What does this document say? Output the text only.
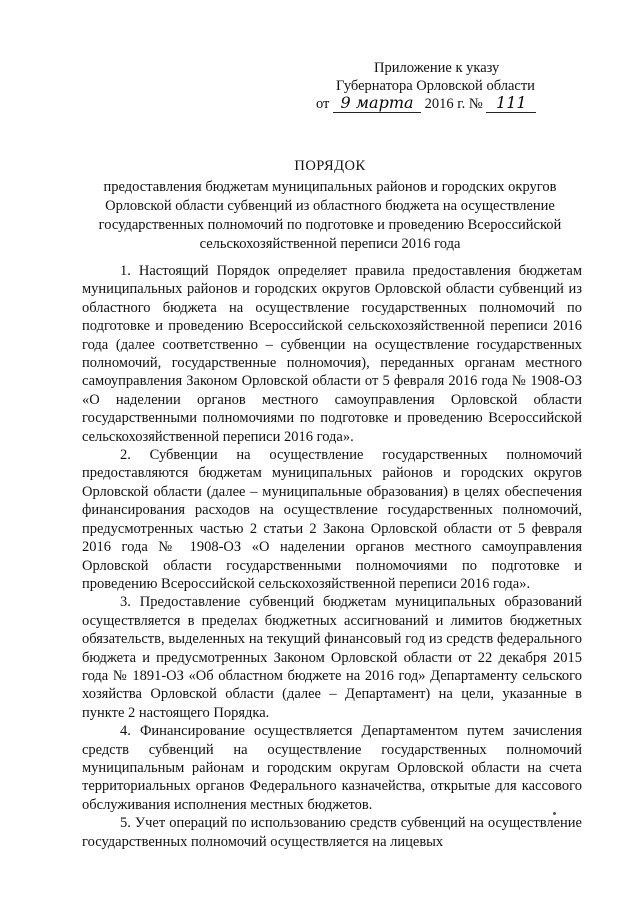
Приложение к указу
Губернатора Орловской области
от 9 марта 2016 г. № 111
ПОРЯДОК
предоставления бюджетам муниципальных районов и городских округов Орловской области субвенций из областного бюджета на осуществление государственных полномочий по подготовке и проведению Всероссийской сельскохозяйственной переписи 2016 года

1. Настоящий Порядок определяет правила предоставления бюджетам муниципальных районов и городских округов Орловской области субвенций из областного бюджета на осуществление государственных полномочий по подготовке и проведению Всероссийской сельскохозяйственной переписи 2016 года (далее соответственно – субвенции на осуществление государственных полномочий, государственные полномочия), переданных органам местного самоуправления Законом Орловской области от 5 февраля 2016 года № 1908-ОЗ «О наделении органов местного самоуправления Орловской области государственными полномочиями по подготовке и проведению Всероссийской сельскохозяйственной переписи 2016 года».

2. Субвенции на осуществление государственных полномочий предоставляются бюджетам муниципальных районов и городских округов Орловской области (далее – муниципальные образования) в целях обеспечения финансирования расходов на осуществление государственных полномочий, предусмотренных частью 2 статьи 2 Закона Орловской области от 5 февраля 2016 года № 1908-ОЗ «О наделении органов местного самоуправления Орловской области государственными полномочиями по подготовке и проведению Всероссийской сельскохозяйственной переписи 2016 года».

3. Предоставление субвенций бюджетам муниципальных образований осуществляется в пределах бюджетных ассигнований и лимитов бюджетных обязательств, выделенных на текущий финансовый год из средств федерального бюджета и предусмотренных Законом Орловской области от 22 декабря 2015 года № 1891-ОЗ «Об областном бюджете на 2016 год» Департаменту сельского хозяйства Орловской области (далее – Департамент) на цели, указанные в пункте 2 настоящего Порядка.

4. Финансирование осуществляется Департаментом путем зачисления средств субвенций на осуществление государственных полномочий муниципальным районам и городским округам Орловской области на счета территориальных органов Федерального казначейства, открытые для кассового обслуживания исполнения местных бюджетов.

5. Учет операций по использованию средств субвенций на осуществление государственных полномочий осуществляется на лицевых
